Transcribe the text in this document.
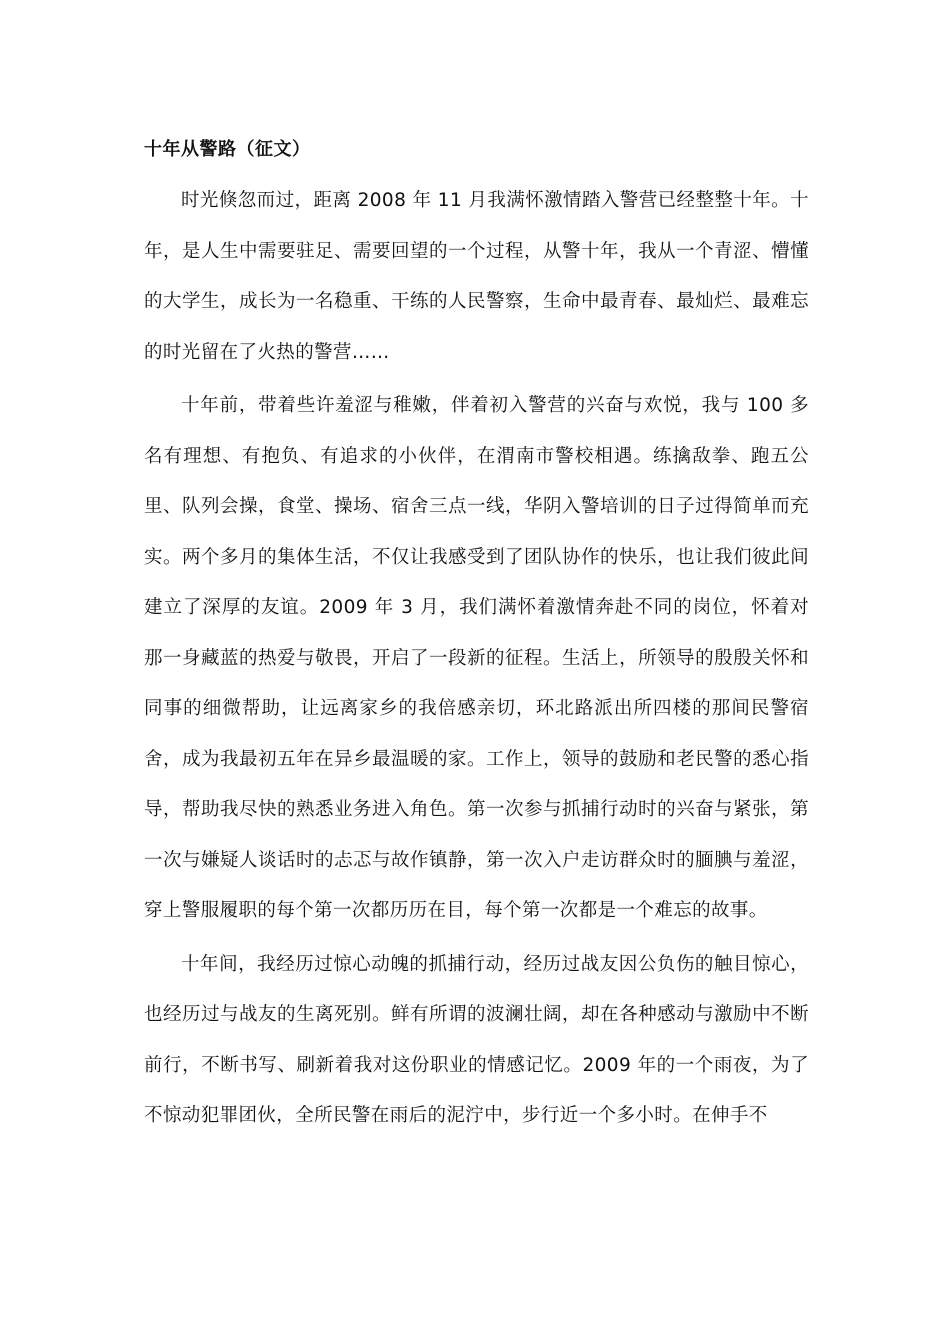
十年从警路（征文）

时光倏忽而过，距离 2008 年 11 月我满怀激情踏入警营已经整整十年。十年，是人生中需要驻足、需要回望的一个过程，从警十年，我从一个青涩、懵懂的大学生，成长为一名稳重、干练的人民警察，生命中最青春、最灿烂、最难忘的时光留在了火热的警营……

十年前，带着些许羞涩与稚嫩，伴着初入警营的兴奋与欢悦，我与 100 多名有理想、有抱负、有追求的小伙伴，在渭南市警校相遇。练擒敌拳、跑五公里、队列会操，食堂、操场、宿舍三点一线，华阴入警培训的日子过得简单而充实。两个多月的集体生活，不仅让我感受到了团队协作的快乐，也让我们彼此间建立了深厚的友谊。2009 年 3 月，我们满怀着激情奔赴不同的岗位，怀着对那一身藏蓝的热爱与敬畏，开启了一段新的征程。生活上，所领导的殷殷关怀和同事的细微帮助，让远离家乡的我倍感亲切，环北路派出所四楼的那间民警宿舍，成为我最初五年在异乡最温暖的家。工作上，领导的鼓励和老民警的悉心指导，帮助我尽快的熟悉业务进入角色。第一次参与抓捕行动时的兴奋与紧张，第一次与嫌疑人谈话时的忐忑与故作镇静，第一次入户走访群众时的腼腆与羞涩，穿上警服履职的每个第一次都历历在目，每个第一次都是一个难忘的故事。

十年间，我经历过惊心动魄的抓捕行动，经历过战友因公负伤的触目惊心，也经历过与战友的生离死别。鲜有所谓的波澜壮阔，却在各种感动与激励中不断前行，不断书写、刷新着我对这份职业的情感记忆。2009 年的一个雨夜，为了不惊动犯罪团伙，全所民警在雨后的泥泞中，步行近一个多小时。在伸手不
